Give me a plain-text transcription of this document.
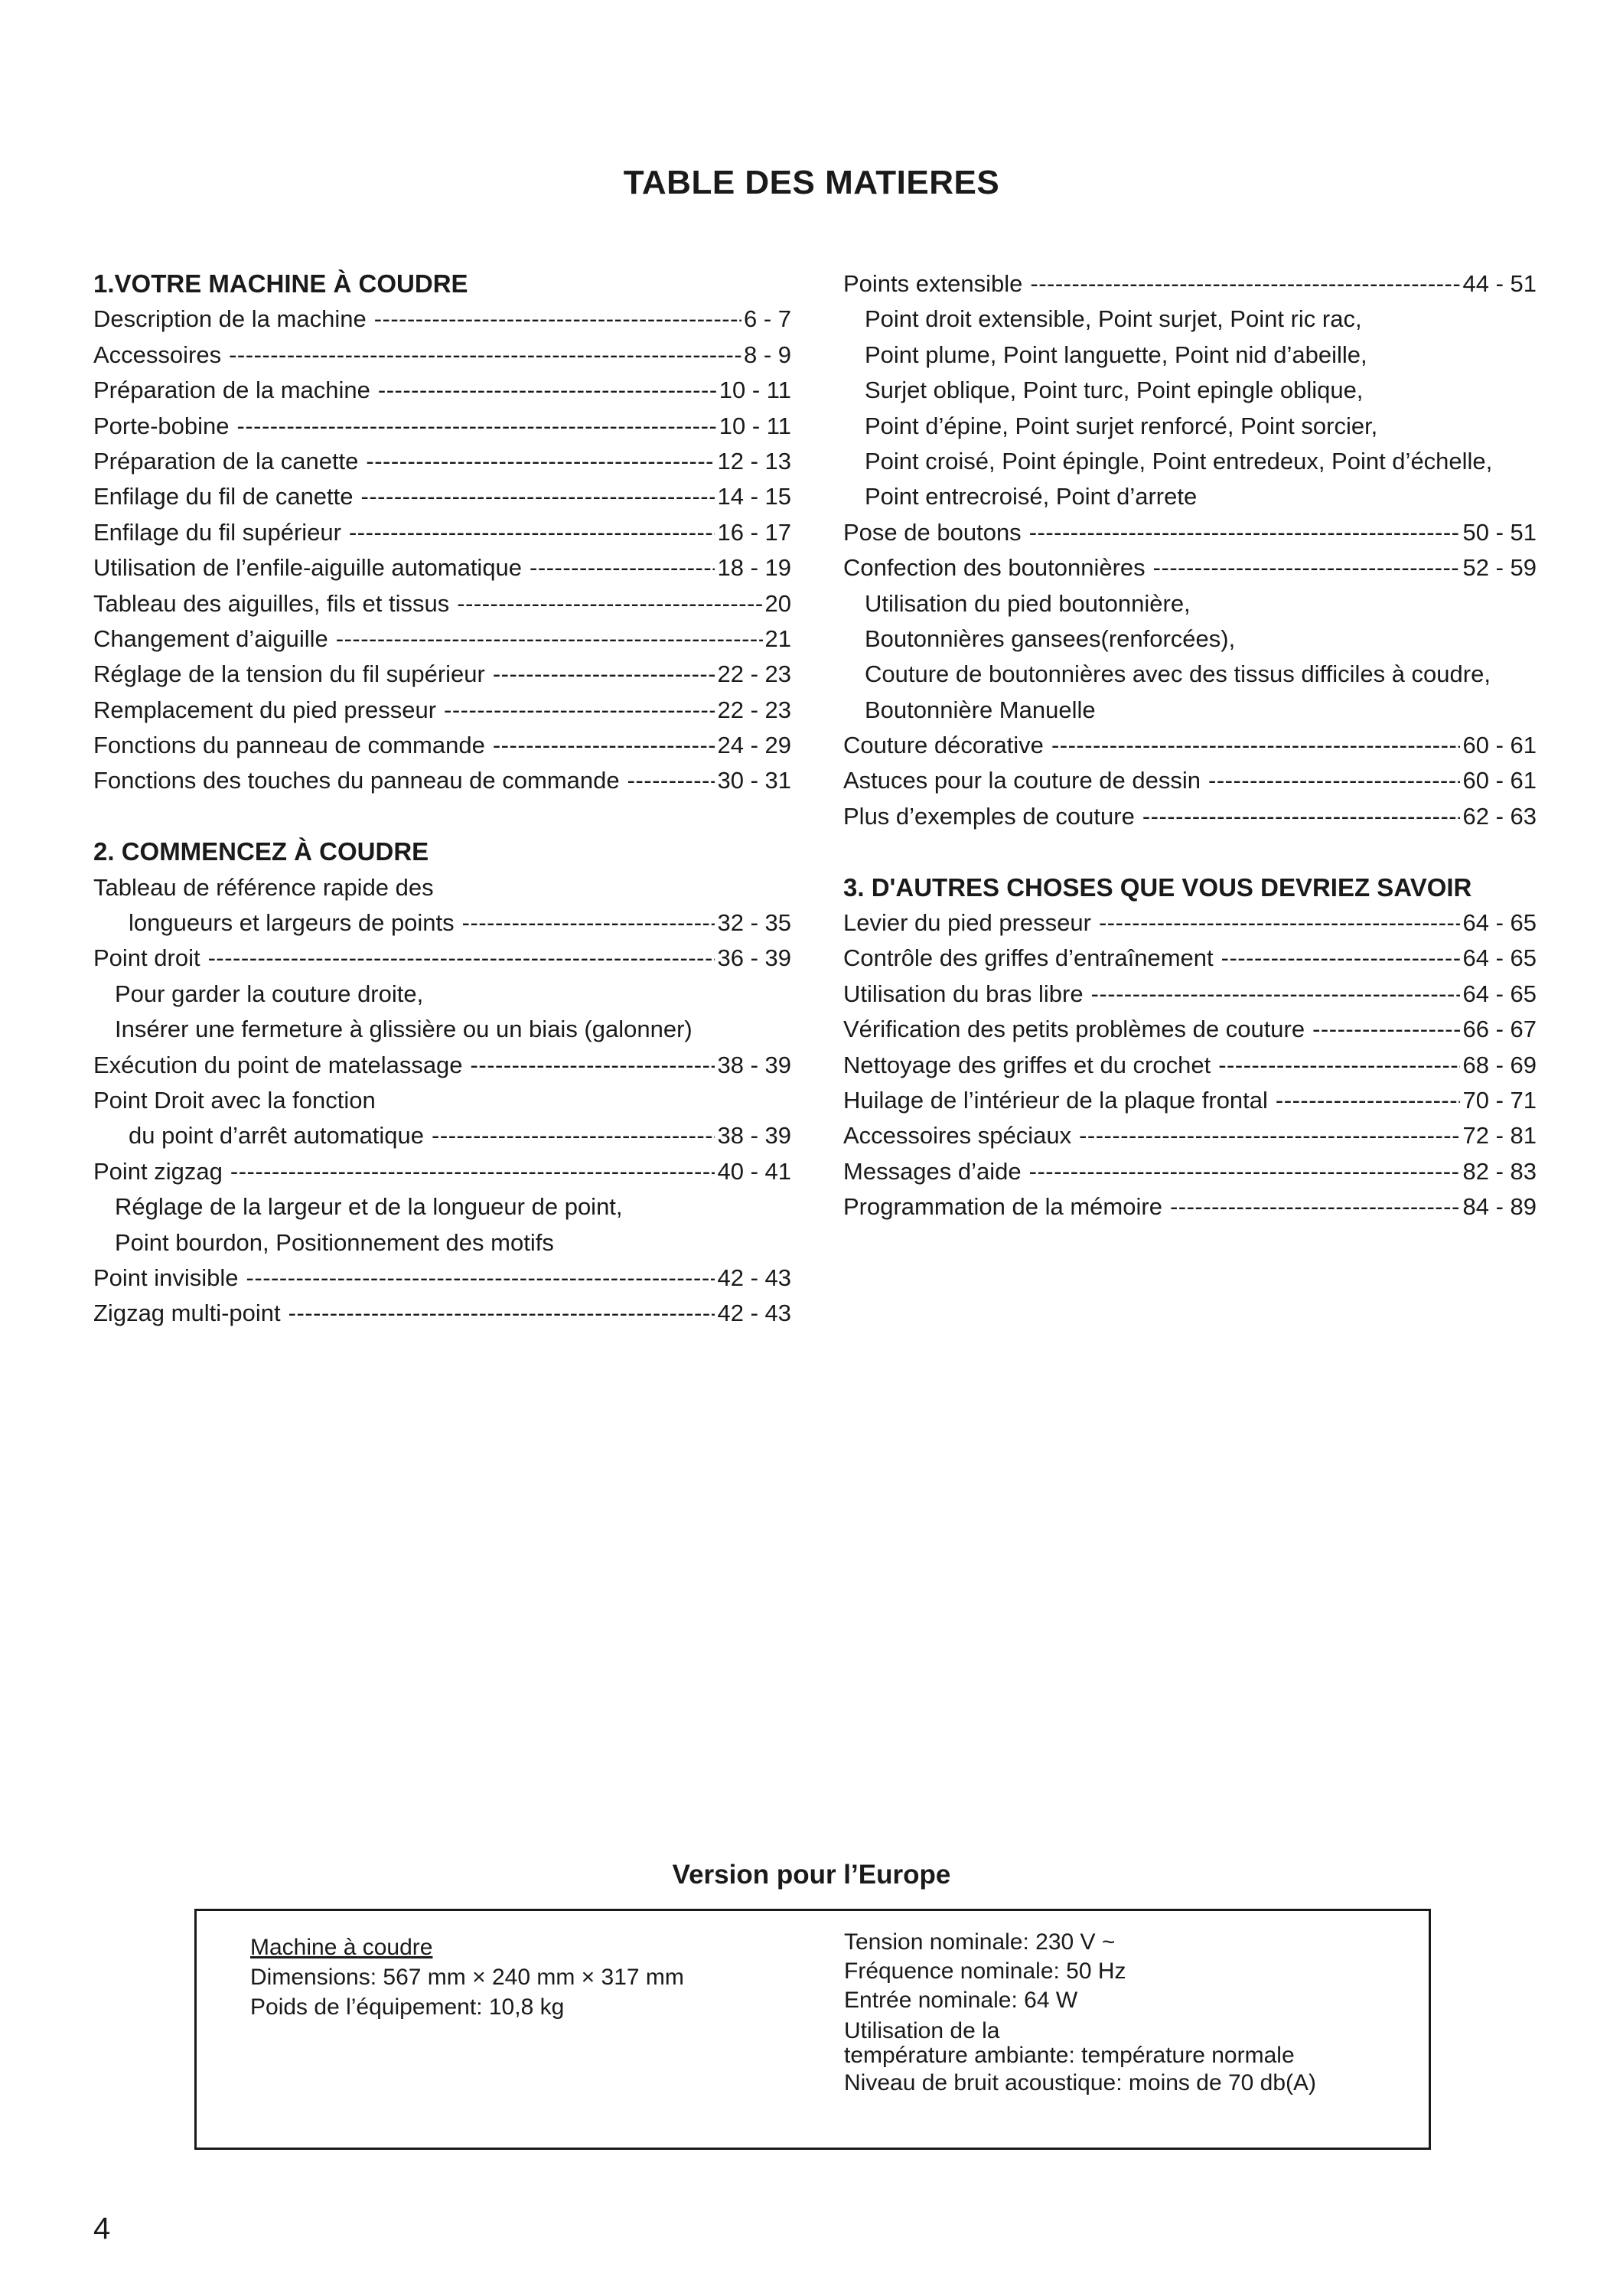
TABLE DES MATIERES
1.VOTRE MACHINE À COUDRE
Description de la machine -----	6 - 7
Accessoires -----	8 - 9
Préparation de la machine -----	10 - 11
Porte-bobine -----	10 - 11
Préparation de la canette -----	12 - 13
Enfilage du fil de canette -----	14 - 15
Enfilage du fil supérieur -----	16 - 17
Utilisation de l’enfile-aiguille automatique -----	18 - 19
Tableau des aiguilles, fils et tissus -----	20
Changement d’aiguille -----	21
Réglage de la tension du fil supérieur -----	22 - 23
Remplacement du pied presseur -----	22 - 23
Fonctions du panneau de commande -----	24 - 29
Fonctions des touches du panneau de commande -----	30 - 31
2. COMMENCEZ À COUDRE
Tableau de référence rapide des
longueurs et largeurs de points -----	32 - 35
Point droit -----	36 - 39
Pour garder la couture droite,
Insérer une fermeture à glissière ou un biais (galonner)
Exécution du point de matelassage -----	38 - 39
Point Droit avec la fonction
du point d’arrêt automatique -----	38 - 39
Point zigzag -----	40 - 41
Réglage de la largeur et de la longueur de point,
Point bourdon, Positionnement des motifs
Point invisible -----	42 - 43
Zigzag multi-point -----	42 - 43
Points extensible -----	44 - 51
Point droit extensible, Point surjet, Point ric rac,
Point plume, Point languette, Point nid d’abeille,
Surjet oblique, Point turc, Point epingle oblique,
Point d’épine, Point surjet renforcé, Point sorcier,
Point croisé, Point épingle, Point entredeux, Point d’échelle,
Point entrecroisé, Point d’arrete
Pose de boutons -----	50 - 51
Confection des boutonnières -----	52 - 59
Utilisation du pied boutonnière,
Boutonnières gansees(renforcées),
Couture de boutonnières avec des tissus difficiles à coudre,
Boutonnière Manuelle
Couture décorative -----	60 - 61
Astuces pour la couture de dessin -----	60 - 61
Plus d’exemples de couture -----	62 - 63
3. D'AUTRES CHOSES QUE VOUS DEVRIEZ SAVOIR
Levier du pied presseur -----	64 - 65
Contrôle des griffes d’entraînement -----	64 - 65
Utilisation du bras libre -----	64 - 65
Vérification des petits problèmes de couture -----	66 - 67
Nettoyage des griffes et du crochet -----	68 - 69
Huilage de l’intérieur de la plaque frontal -----	70 - 71
Accessoires spéciaux -----	72 - 81
Messages d’aide -----	82 - 83
Programmation de la mémoire -----	84 - 89
Version pour l’Europe
Machine à coudre
Dimensions: 567 mm × 240 mm × 317 mm
Poids de l’équipement: 10,8 kg
Tension nominale: 230 V ~
Fréquence nominale: 50 Hz
Entrée nominale: 64 W
Utilisation de la
température ambiante: température normale
Niveau de bruit acoustique: moins de 70 db(A)
4
